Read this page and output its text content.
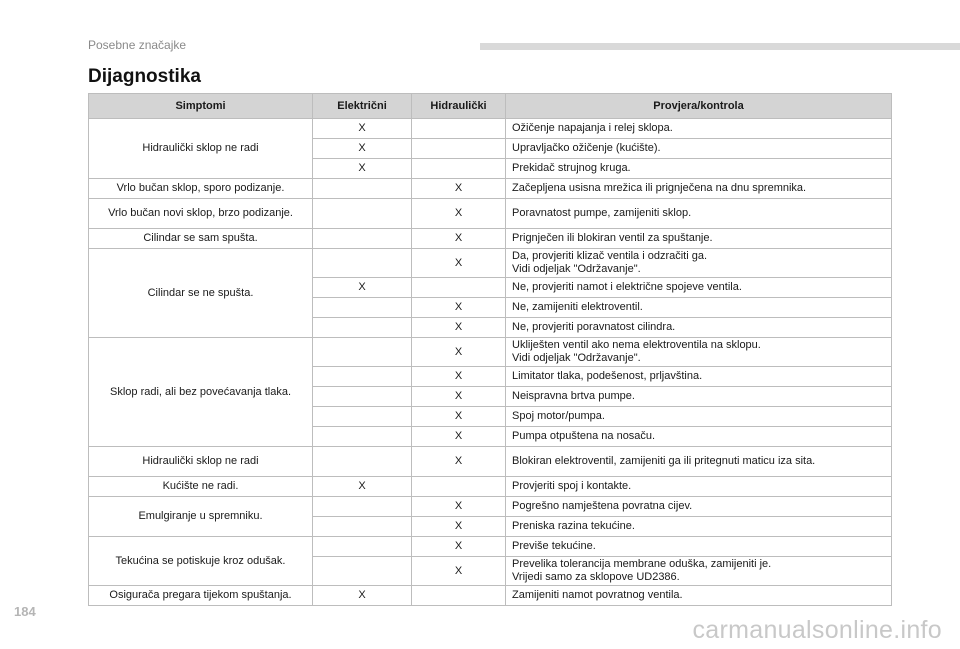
Posebne značajke
Dijagnostika
Simptomi	Električni	Hidraulički	Provjera/kontrola
Hidraulički sklop ne radi	X		Ožičenje napajanja i relej sklopa.

	X		Upravljačko ožičenje (kućište).

	X		Prekidač strujnog kruga.

Vrlo bučan sklop, sporo podizanje.		X	Začepljena usisna mrežica ili prignječena na dnu spremnika.

Vrlo bučan novi sklop, brzo podizanje.		X	Poravnatost pumpe, zamijeniti sklop.

Cilindar se sam spušta.		X	Prignječen ili blokiran ventil za spuštanje.

Cilindar se ne spušta.		X	Da, provjeriti klizač ventila i odzračiti ga.
Vidi odjeljak "Održavanje".

	X		Ne, provjeriti namot i električne spojeve ventila.

		X	Ne, zamijeniti elektroventil.

		X	Ne, provjeriti poravnatost cilindra.

Sklop radi, ali bez povećavanja tlaka.		X	Ukliješten ventil ako nema elektroventila na sklopu.
Vidi odjeljak "Održavanje".

		X	Limitator tlaka, podešenost, prljavština.

		X	Neispravna brtva pumpe.

		X	Spoj motor/pumpa.

		X	Pumpa otpuštena na nosaču.

Hidraulički sklop ne radi		X	Blokiran elektroventil, zamijeniti ga ili pritegnuti maticu iza sita.

Kućište ne radi.	X		Provjeriti spoj i kontakte.

Emulgiranje u spremniku.		X	Pogrešno namještena povratna cijev.

		X	Preniska razina tekućine.

Tekućina se potiskuje kroz odušak.		X	Previše tekućine.

		X	Prevelika tolerancija membrane oduška, zamijeniti je.
Vrijedi samo za sklopove UD2386.

Osigurača pregara tijekom spuštanja.	X		Zamijeniti namot povratnog ventila.
184
carmanualsonline.info
